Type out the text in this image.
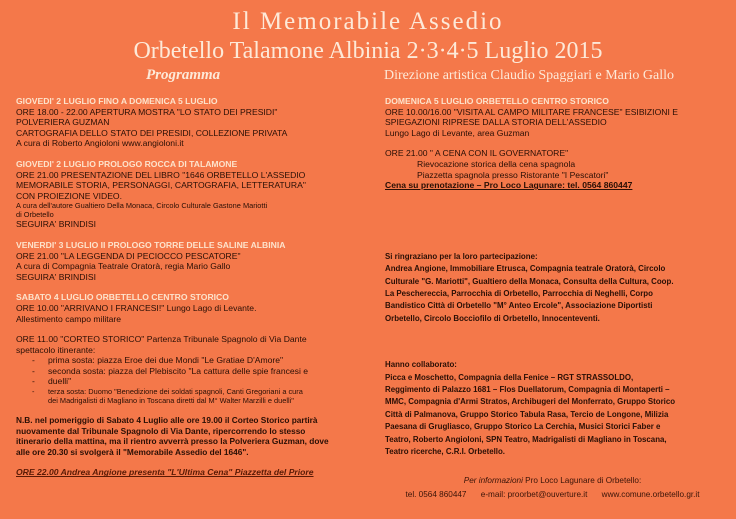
Il Memorabile Assedio
Orbetello Talamone Albinia 2·3·4·5 Luglio 2015
Programma	Direzione artistica Claudio Spaggiari e Mario Gallo
GIOVEDI' 2 LUGLIO FINO A DOMENICA 5 LUGLIO
ORE 18.00 - 22.00 APERTURA MOSTRA "LO STATO DEI PRESIDI"
POLVERIERA GUZMAN
CARTOGRAFIA DELLO STATO DEI PRESIDI, COLLEZIONE PRIVATA
A cura di Roberto Angioloni www.angioloni.it
GIOVEDI' 2 LUGLIO PROLOGO ROCCA DI TALAMONE
ORE 21.00 PRESENTAZIONE DEL LIBRO "1646 ORBETELLO L'ASSEDIO
MEMORABILE STORIA, PERSONAGGI, CARTOGRAFIA, LETTERATURA"
CON PROIEZIONE VIDEO.
A cura dell'autore Gualtiero Della Monaca, Circolo Culturale Gastone Mariotti
di Orbetello
SEGUIRA' BRINDISI
VENERDI' 3 LUGLIO II PROLOGO TORRE DELLE SALINE ALBINIA
ORE 21.00 "LA LEGGENDA DI PECIOCCO PESCATORE"
A cura di Compagnia Teatrale Oratorà, regia Mario Gallo
SEGUIRA' BRINDISI
SABATO 4 LUGLIO ORBETELLO CENTRO STORICO
ORE 10.00 "ARRIVANO I FRANCESI!" Lungo Lago di Levante.
Allestimento campo militare
ORE 11.00 "CORTEO STORICO" Partenza Tribunale Spagnolo di Via Dante
spettacolo itinerante:
- prima sosta: piazza Eroe dei due Mondi "Le Gratiae D'Amore"
- seconda sosta: piazza del Plebiscito "La cattura delle spie francesi e
- duelli"
- terza sosta: Duomo "Benedizione dei soldati spagnoli, Canti Gregoriani a cura
dei Madrigalisti di Magliano in Toscana diretti dal M° Walter Marzilli e duelli"
N.B. nel pomeriggio di Sabato 4 Luglio alle ore 19.00 il Corteo Storico partirà
nuovamente dal Tribunale Spagnolo di Via Dante, ripercorrendo lo stesso
itinerario della mattina, ma il rientro avverrà presso la Polveriera Guzman, dove
alle ore 20.30 si svolgerà il "Memorabile Assedio del 1646".
ORE 22.00 Andrea Angione presenta "L'Ultima Cena" Piazzetta del Priore
DOMENICA 5 LUGLIO ORBETELLO CENTRO STORICO
ORE 10.00/16.00 "VISITA AL CAMPO MILITARE FRANCESE" ESIBIZIONI E
SPIEGAZIONI RIPRESE DALLA STORIA DELL'ASSEDIO
Lungo Lago di Levante, area Guzman
ORE 21.00 " A CENA CON IL GOVERNATORE"
Rievocazione storica della cena spagnola
Piazzetta spagnola presso Ristorante "I Pescatori"
Cena su prenotazione – Pro Loco Lagunare: tel. 0564 860447
Si ringraziano per la loro partecipazione:
Andrea Angione, Immobiliare Etrusca, Compagnia teatrale Oratorà, Circolo
Culturale "G. Mariotti", Gualtiero della Monaca, Consulta della Cultura, Coop.
La Peschereccia, Parrocchia di Orbetello, Parrocchia di Neghelli, Corpo
Bandistico Città di Orbetello "M° Anteo Ercole", Associazione Diportisti
Orbetello, Circolo Bocciofilo di Orbetello, Innocenteventi.
Hanno collaborato:
Picca e Moschetto, Compagnia della Fenice – RGT STRASSOLDO,
Reggimento di Palazzo 1681 – Flos Duellatorum, Compagnia di Montaperti –
MMC, Compagnia d'Armi Stratos, Archibugeri del Monferrato, Gruppo Storico
Città di Palmanova, Gruppo Storico Tabula Rasa, Tercio de Longone, Milizia
Paesana di Grugliasco, Gruppo Storico La Cerchia, Musici Storici Faber e
Teatro, Roberto Angioloni, SPN Teatro, Madrigalisti di Magliano in Toscana,
Teatro ricerche, C.R.I. Orbetello.
Per informazioni Pro Loco Lagunare di Orbetello:
tel. 0564 860447 e-mail: proorbet@ouverture.it www.comune.orbetello.gr.it
